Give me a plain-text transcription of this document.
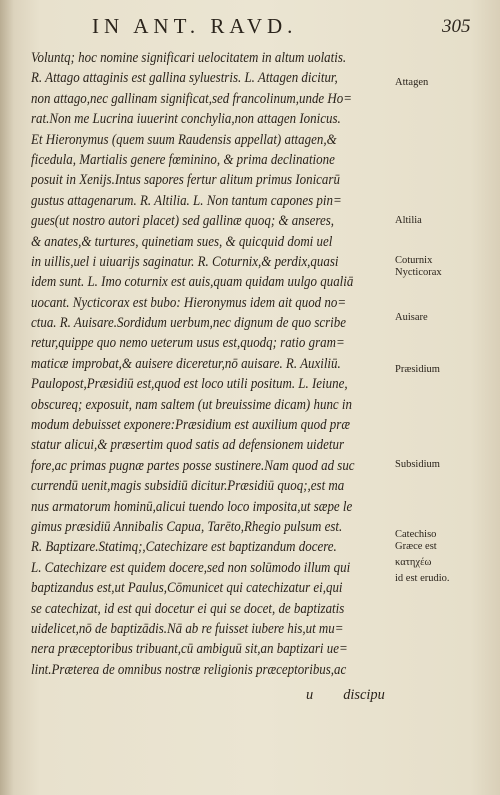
IN ANT. RAVD.	305
Voluntq; hoc nomine significari uelocitatem in altum uolatis.
R. Attago attaginis est gallina syluestris. L. Attagen dicitur,
non attago,nec gallinam significat,sed francolinum,unde Ho=
rat.Non me Lucrina iuuerint conchylia,non attagen Ionicus.
Et Hieronymus (quem suum Raudensis appellat) attagen,&
ficedula, Martialis genere fœminino, & prima declinatione
posuit in Xenijs.Intus sapores fertur alitum primus Ionicarū
gustus attagenarum. R. Altilia. L. Non tantum capones pin=
gues(ut nostro autori placet) sed gallinæ quoq; & anseres,
& anates,& turtures, quinetiam sues, & quicquid domi uel
in uillis,uel i uiuarijs saginatur. R. Coturnix,& perdix,quasi
idem sunt. L. Imo coturnix est auis,quam quidam uulgo qualiā
uocant. Nycticorax est bubo: Hieronymus idem ait quod no=
ctua. R. Auisare.Sordidum uerbum,nec dignum de quo scribe
retur,quippe quo nemo ueterum usus est,quodq; ratio gram=
maticæ improbat,& auisere diceretur,nō auisare. R. Auxiliū.
Paulopost,Præsidiū est,quod est loco utili positum. L. Ieiune,
obscureq; exposuit, nam saltem (ut breuissime dicam) hunc in
modum debuisset exponere:Præsidium est auxilium quod præ
statur alicui,& præsertim quod satis ad defensionem uidetur
fore,ac primas pugnæ partes posse sustinere.Nam quod ad suc
currendū uenit,magis subsidiū dicitur.Præsidiū quoq;,est ma
nus armatorum hominū,alicui tuendo loco imposita,ut sæpe le
gimus præsidiū Annibalis Capua, Tarēto,Rhegio pulsum est.
R. Baptizare.Statimq;,Catechizare est baptizandum docere.
L. Catechizare est quidem docere,sed non solūmodo illum qui
baptizandus est,ut Paulus,Cōmunicet qui catechizatur ei,qui
se catechizat, id est qui docetur ei qui se docet, de baptizatis
uidelicet,nō de baptizādis.Nā ab re fuisset iubere his,ut mu=
nera præceptoribus tribuant,cū ambiguū sit,an baptizari ue=
lint.Præterea de omnibus nostræ religionis præceptoribus,ac
Attagen
Altilia
Coturnix
Nycticorax
Auisare
Præsidium
Subsidium
Catechiso
Græce est
κατηχέω
id est erudio.
u discipu
